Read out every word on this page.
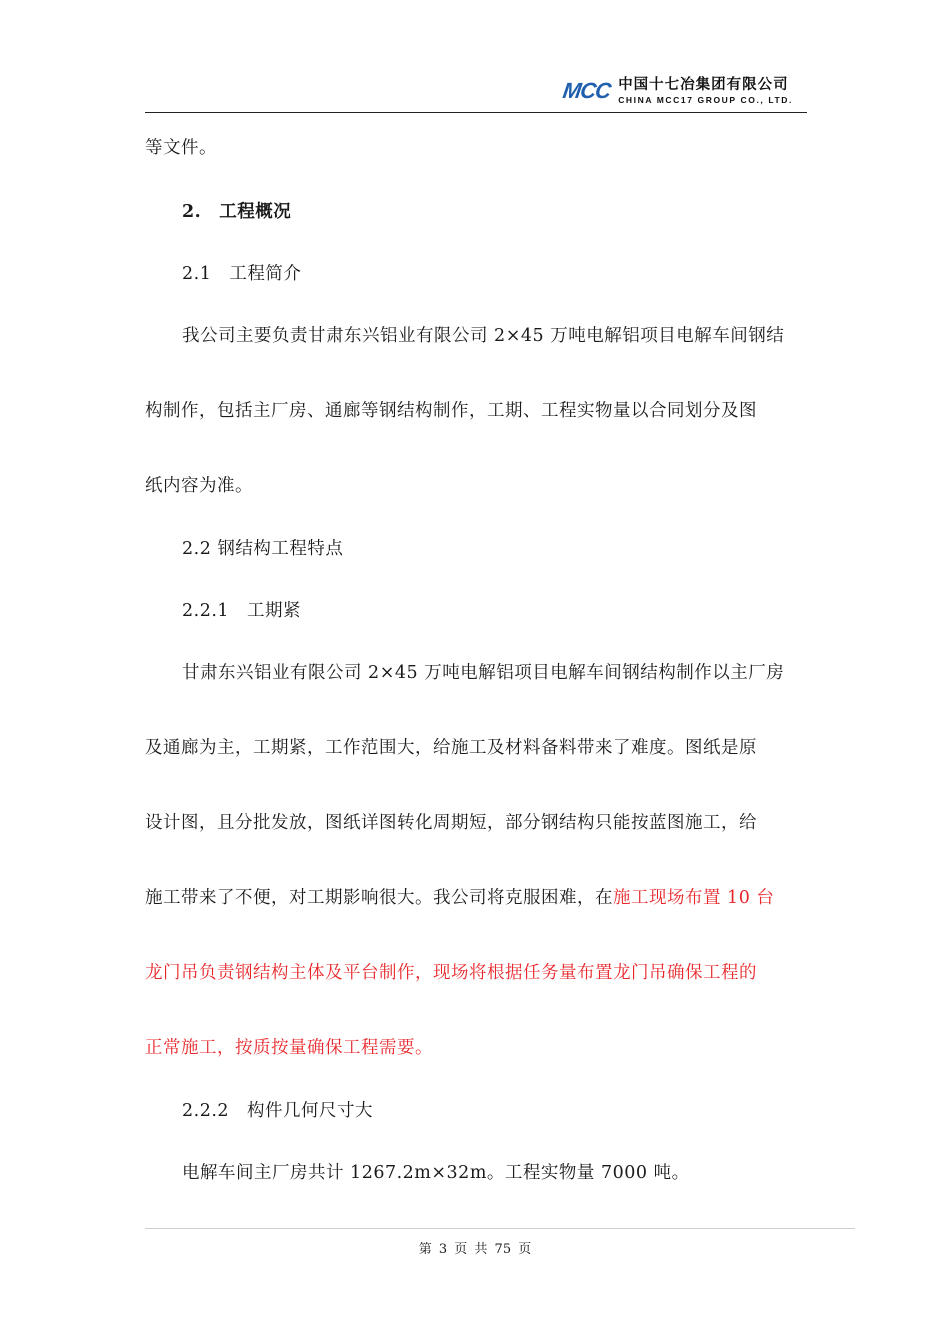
MCC 中国十七冶集团有限公司
CHINA MCC17 GROUP CO., LTD.
等文件。
2.　工程概况
2.1　工程简介
我公司主要负责甘肃东兴铝业有限公司 2×45 万吨电解铝项目电解车间钢结
构制作，包括主厂房、通廊等钢结构制作，工期、工程实物量以合同划分及图
纸内容为准。
2.2 钢结构工程特点
2.2.1　工期紧
甘肃东兴铝业有限公司 2×45 万吨电解铝项目电解车间钢结构制作以主厂房
及通廊为主，工期紧，工作范围大，给施工及材料备料带来了难度。图纸是原
设计图，且分批发放，图纸详图转化周期短，部分钢结构只能按蓝图施工，给
施工带来了不便，对工期影响很大。我公司将克服困难，在施工现场布置 10 台
龙门吊负责钢结构主体及平台制作，现场将根据任务量布置龙门吊确保工程的
正常施工，按质按量确保工程需要。
2.2.2　构件几何尺寸大
电解车间主厂房共计 1267.2m×32m。工程实物量 7000 吨。
第 3 页 共 75 页
